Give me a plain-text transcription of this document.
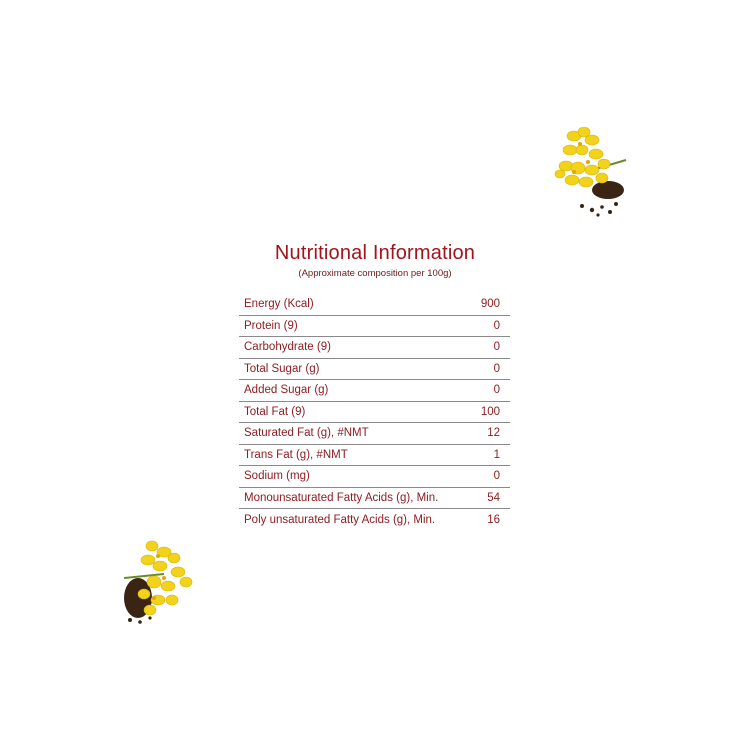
Nutritional Information
(Approximate composition per 100g)
Energy (Kcal)	900
Protein (9)	0
Carbohydrate (9)	0
Total Sugar (g)	0
Added Sugar (g)	0
Total Fat (9)	100
Saturated Fat (g), #NMT	12
Trans Fat (g), #NMT	1
Sodium (mg)	0
Monounsaturated Fatty Acids (g), Min.	54
Poly unsaturated Fatty Acids (g), Min.	16
